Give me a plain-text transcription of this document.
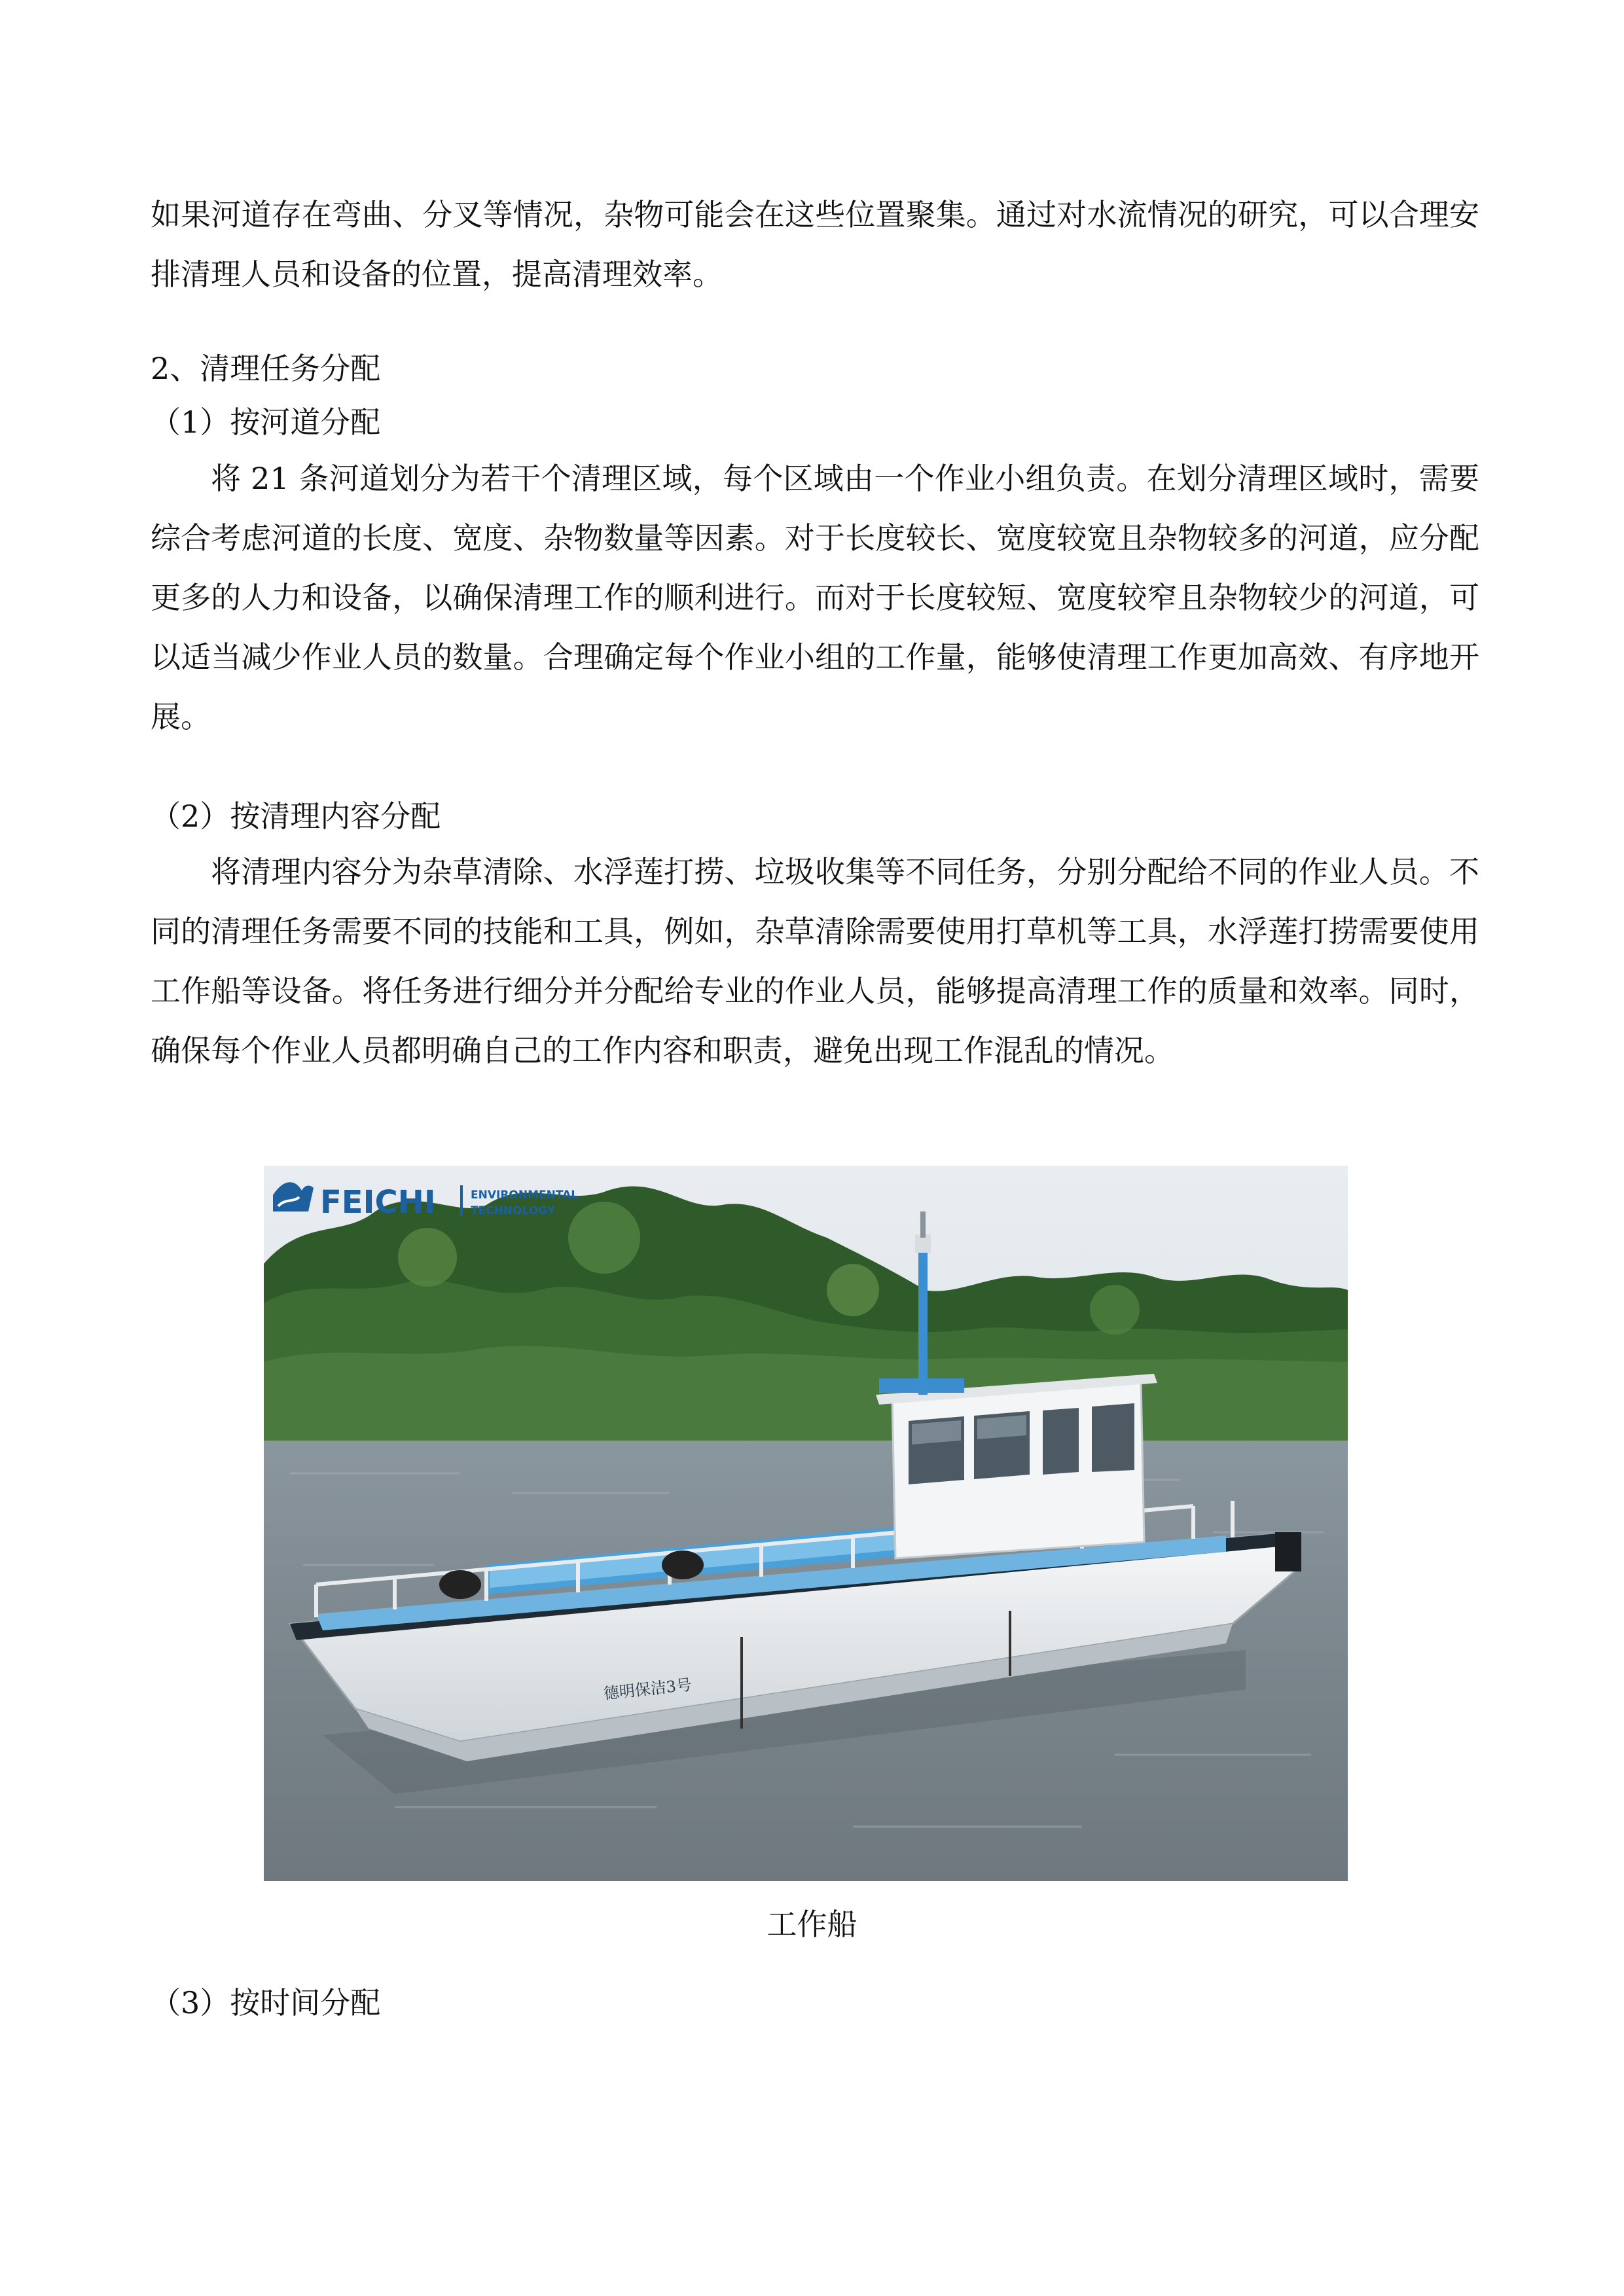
如果河道存在弯曲、分叉等情况，杂物可能会在这些位置聚集。通过对水流情况的研究，可以合理安排清理人员和设备的位置，提高清理效率。

2、清理任务分配

（1）按河道分配

将 21 条河道划分为若干个清理区域，每个区域由一个作业小组负责。在划分清理区域时，需要综合考虑河道的长度、宽度、杂物数量等因素。对于长度较长、宽度较宽且杂物较多的河道，应分配更多的人力和设备，以确保清理工作的顺利进行。而对于长度较短、宽度较窄且杂物较少的河道，可以适当减少作业人员的数量。合理确定每个作业小组的工作量，能够使清理工作更加高效、有序地开展。

（2）按清理内容分配

将清理内容分为杂草清除、水浮莲打捞、垃圾收集等不同任务，分别分配给不同的作业人员。不同的清理任务需要不同的技能和工具，例如，杂草清除需要使用打草机等工具，水浮莲打捞需要使用工作船等设备。将任务进行细分并分配给专业的作业人员，能够提高清理工作的质量和效率。同时，确保每个作业人员都明确自己的工作内容和职责，避免出现工作混乱的情况。

德明保洁3号
FEICHI	ENVIRONMENTAL
TECHNOLOGY
工作船

（3）按时间分配
